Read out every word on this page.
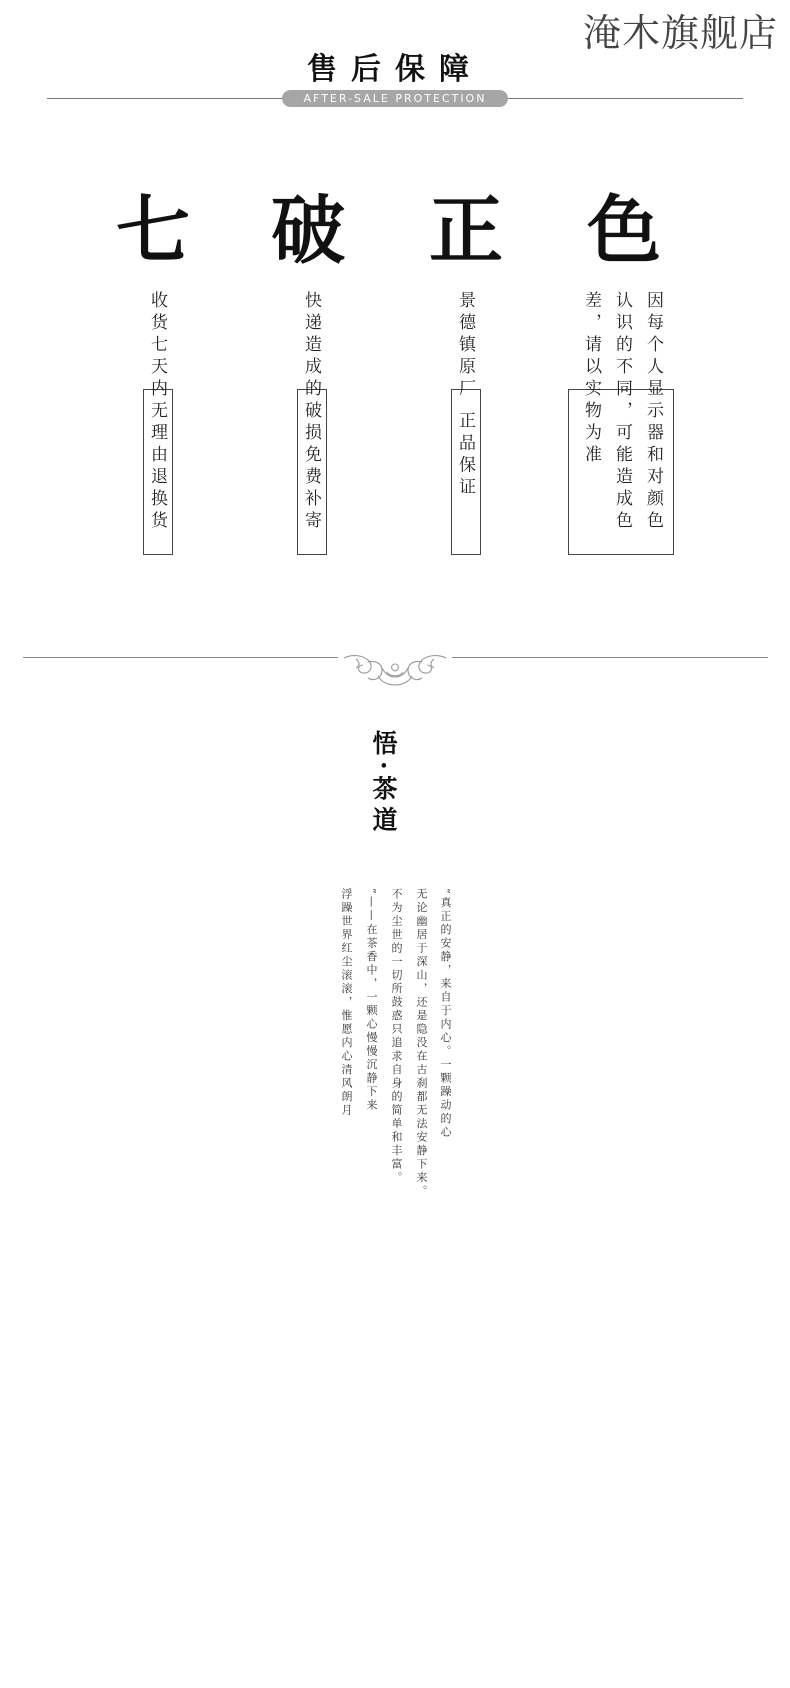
淹木旗舰店
售后保障
AFTER-SALE PROTECTION
七 破 正 色
收货七天内无理由退换货	快递造成的破损免费补寄	景德镇原厂 正品保证	因每个人显示器和对颜色
认识的不同，可能造成色
差，请以实物为准
悟·茶道
“真正的安静，来自于内心。一颗躁动的心
无论幽居于深山，还是隐没在古刹都无法安静下来。
不为尘世的一切所鼓惑只追求自身的简单和丰富。
”——在茶香中，一颗心慢慢沉静下来
浮躁世界红尘滚滚，惟愿内心清风朗月
